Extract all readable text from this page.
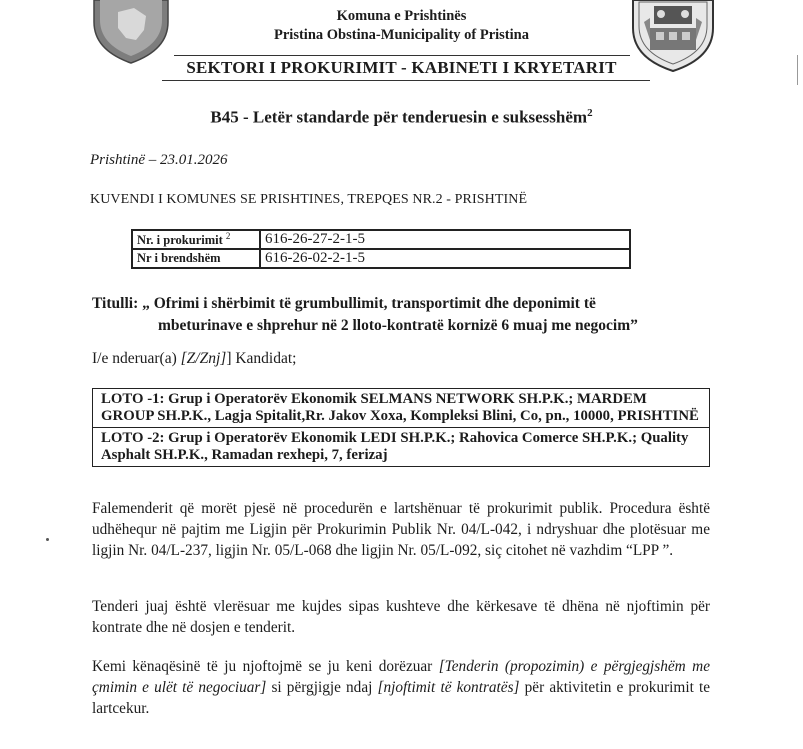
Komuna e Prishtinës
Pristina Obstina-Municipality of Pristina
SEKTORI I PROKURIMIT - KABINETI I KRYETARIT
B45 - Letër standarde për tenderuesin e suksesshëm$^2$
Prishtinë – 23.01.2026
KUVENDI I KOMUNES SE PRISHTINES, TREPQES NR.2 - PRISHTINË
Nr. i prokurimit $^2$	616-26-27-2-1-5
Nr i brendshëm	616-26-02-2-1-5
Titulli: „ Ofrimi i shërbimit të grumbullimit, transportimit dhe deponimit të
mbeturinave e shprehur në 2 lloto-kontratë kornizë 6 muaj me negocim”
I/e nderuar(a) [Z/Znj]] Kandidat;
LOTO -1: Grup i Operatorëv Ekonomik SELMANS NETWORK SH.P.K.; MARDEM GROUP SH.P.K., Lagja Spitalit,Rr. Jakov Xoxa, Kompleksi Blini, Co, pn., 10000, PRISHTINË
LOTO -2: Grup i Operatorëv Ekonomik LEDI SH.P.K.; Rahovica Comerce SH.P.K.; Quality Asphalt SH.P.K., Ramadan rexhepi, 7, ferizaj
Falemenderit që morët pjesë në procedurën e lartshënuar të prokurimit publik. Procedura është udhëhequr në pajtim me Ligjin për Prokurimin Publik Nr. 04/L-042, i ndryshuar dhe plotësuar me ligjin Nr. 04/L-237, ligjin Nr. 05/L-068 dhe ligjin Nr. 05/L-092, siç citohet në vazhdim “LPP ”.
Tenderi juaj është vlerësuar me kujdes sipas kushteve dhe kërkesave të dhëna në njoftimin për kontrate dhe në dosjen e tenderit.
Kemi kënaqësinë të ju njoftojmë se ju keni dorëzuar [Tenderin (propozimin) e përgjegjshëm me çmimin e ulët të negociuar] si përgjigje ndaj [njoftimit të kontratës] për aktivitetin e prokurimit te lartcekur.
